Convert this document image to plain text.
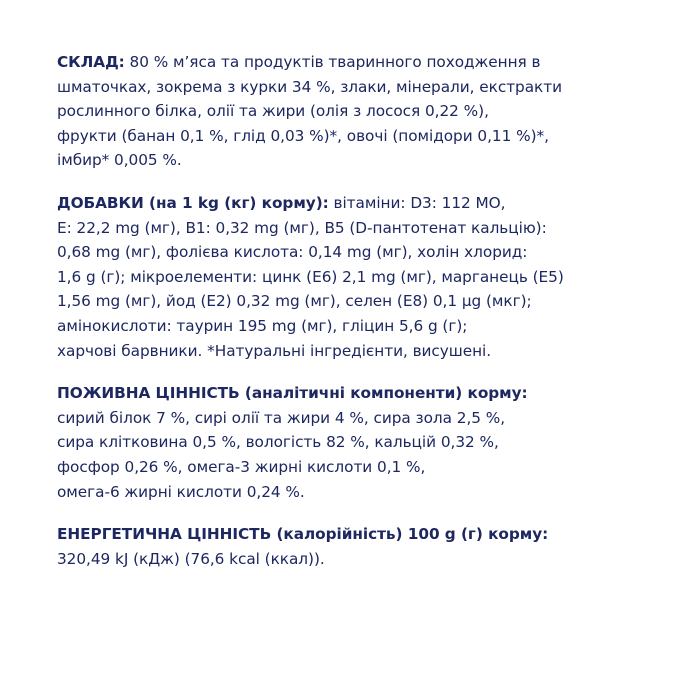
СКЛАД: 80 % м’яса та продуктів тваринного походження в
шматочках, зокрема з курки 34 %, злаки, мінерали, екстракти
рослинного білка, олії та жири (олія з лосося 0,22 %),
фрукти (банан 0,1 %, глід 0,03 %)*, овочі (помідори 0,11 %)*,
імбир* 0,005 %.
ДОБАВКИ (на 1 kg (кг) корму): вітаміни: D3: 112 МО,
E: 22,2 mg (мг), B1: 0,32 mg (мг), B5 (D-пантотенат кальцію):
0,68 mg (мг), фолієва кислота: 0,14 mg (мг), холін хлорид:
1,6 g (г); мікроелементи: цинк (E6) 2,1 mg (мг), марганець (E5)
1,56 mg (мг), йод (E2) 0,32 mg (мг), селен (E8) 0,1 µg (мкг);
амінокислоти: таурин 195 mg (мг), гліцин 5,6 g (г);
харчові барвники. *Натуральні інгредієнти, висушені.
ПОЖИВНА ЦІННІСТЬ (аналітичні компоненти) корму:
сирий білок 7 %, сирі олії та жири 4 %, сира зола 2,5 %,
сира клітковина 0,5 %, вологість 82 %, кальцій 0,32 %,
фосфор 0,26 %, омега-3 жирні кислоти 0,1 %,
омега-6 жирні кислоти 0,24 %.
ЕНЕРГЕТИЧНА ЦІННІСТЬ (калорійність) 100 g (г) корму:
320,49 kJ (кДж) (76,6 kcal (ккал)).
